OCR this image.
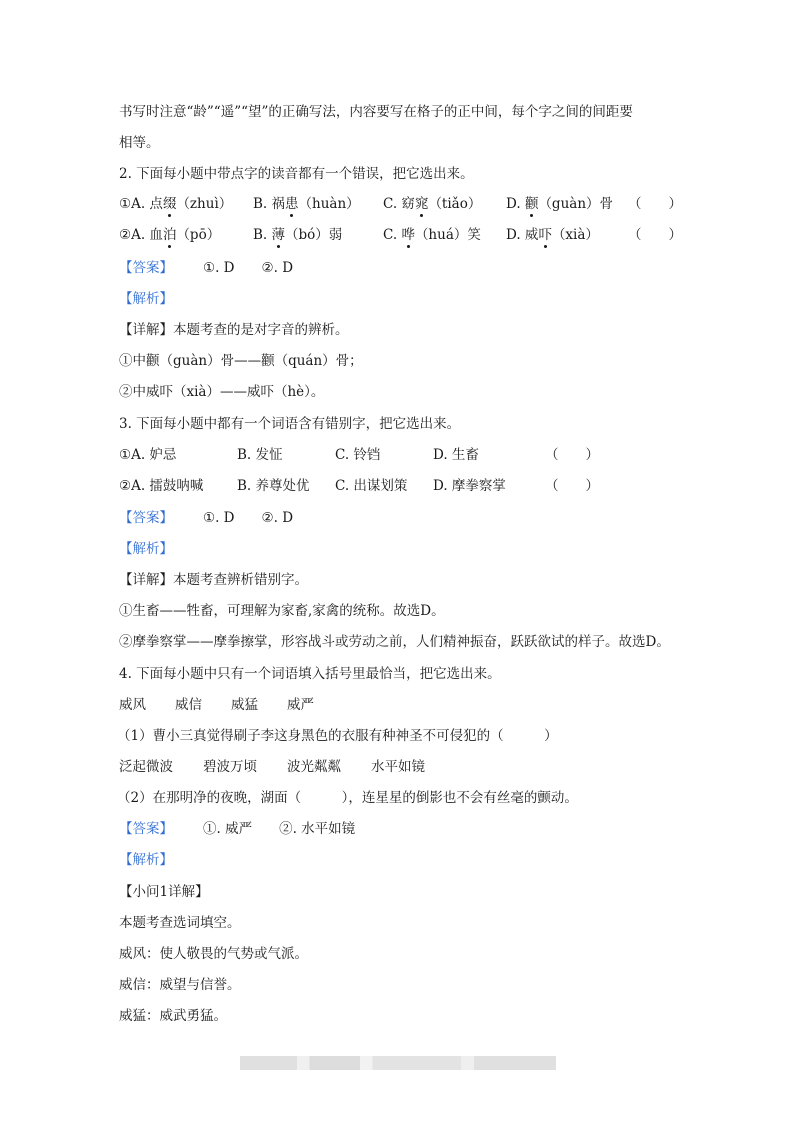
书写时注意“龄”“遥”“望”的正确写法，内容要写在格子的正中间，每个字之间的间距要
相等。
2. 下面每小题中带点字的读音都有一个错误，把它选出来。
①A. 点缀（zhuì） B. 祸患（huàn） C. 窈窕（tiǎo） D. 颧（guàn）骨 （　　）
②A. 血泊（pō） B. 薄（bó）弱	C. 哗（huá）笑 D. 威吓（xià） （　　）
【答案】 ①. D　　②. D
【解析】
【详解】本题考查的是对字音的辨析。
①中颧（guàn）骨——颧（quán）骨；
②中威吓（xià）——威吓（hè）。
3. 下面每小题中都有一个词语含有错别字，把它选出来。
①A. 妒忌	B. 发怔	C. 铃铛	D. 生畜	（　　）
②A. 擂鼓呐喊 B. 养尊处优 C. 出谋划策 D. 摩拳察掌	（　　）
【答案】 ①. D　　②. D
【解析】
【详解】本题考查辨析错别字。
①生畜——牲畜，可理解为家畜,家禽的统称。故选D。
②摩拳察掌——摩拳擦掌，形容战斗或劳动之前，人们精神振奋，跃跃欲试的样子。故选D。
4. 下面每小题中只有一个词语填入括号里最恰当，把它选出来。
威风 威信 威猛 威严
（1）曹小三真觉得刷子李这身黑色的衣服有种神圣不可侵犯的（　　　）
泛起微波 碧波万顷 波光粼粼 水平如镜
（2）在那明净的夜晚，湖面（　　　），连星星的倒影也不会有丝毫的颤动。
【答案】 ①. 威严　　②. 水平如镜
【解析】
【小问1详解】
本题考查选词填空。
威风：使人敬畏的气势或气派。
威信：威望与信誉。
威猛：威武勇猛。
